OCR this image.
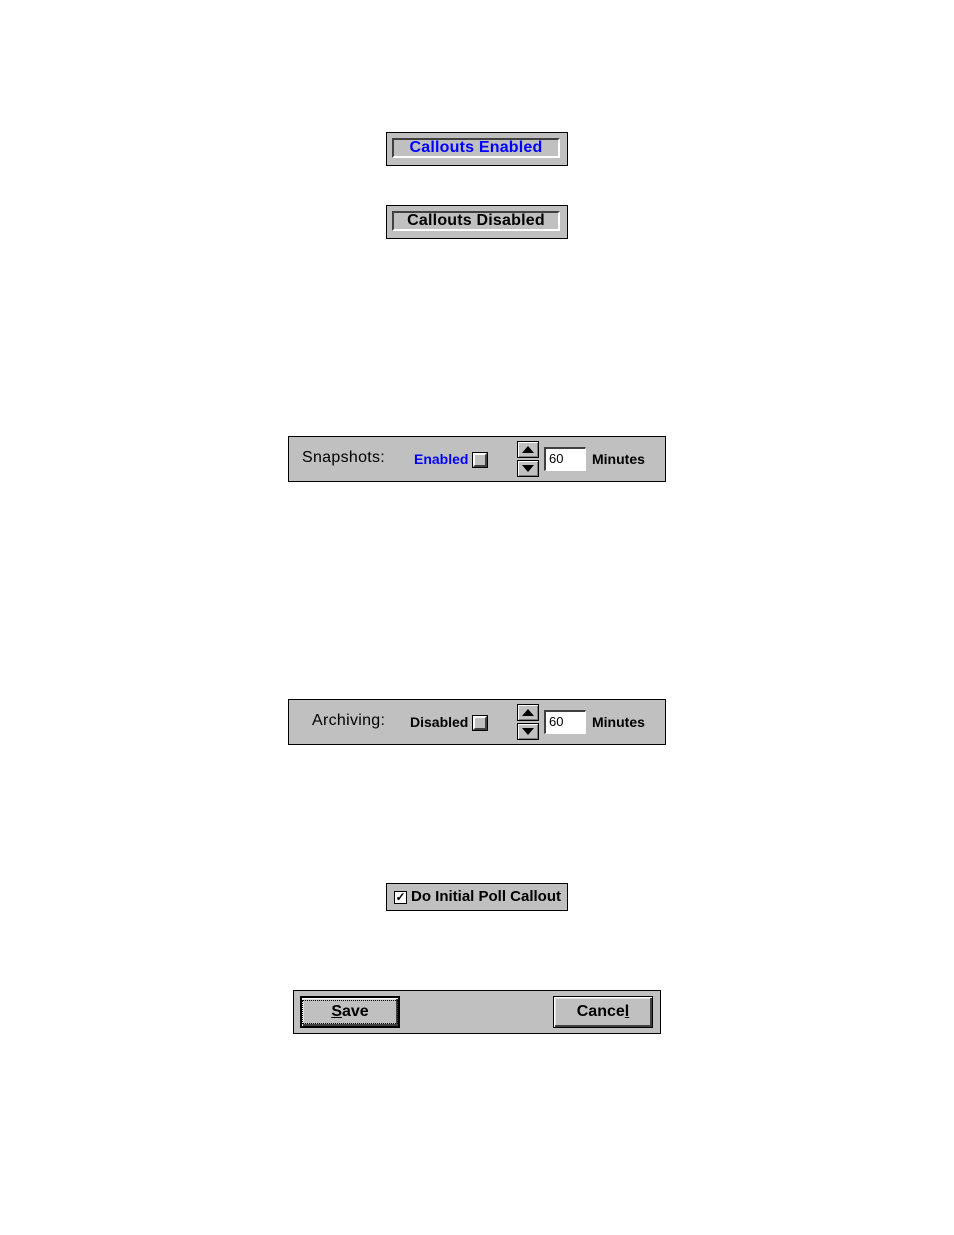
Callouts Enabled
Callouts Disabled
Snapshots: Enabled	60	Minutes
Archiving: Disabled	60	Minutes
✓ Do Initial Poll Callout
Save	Cancel
